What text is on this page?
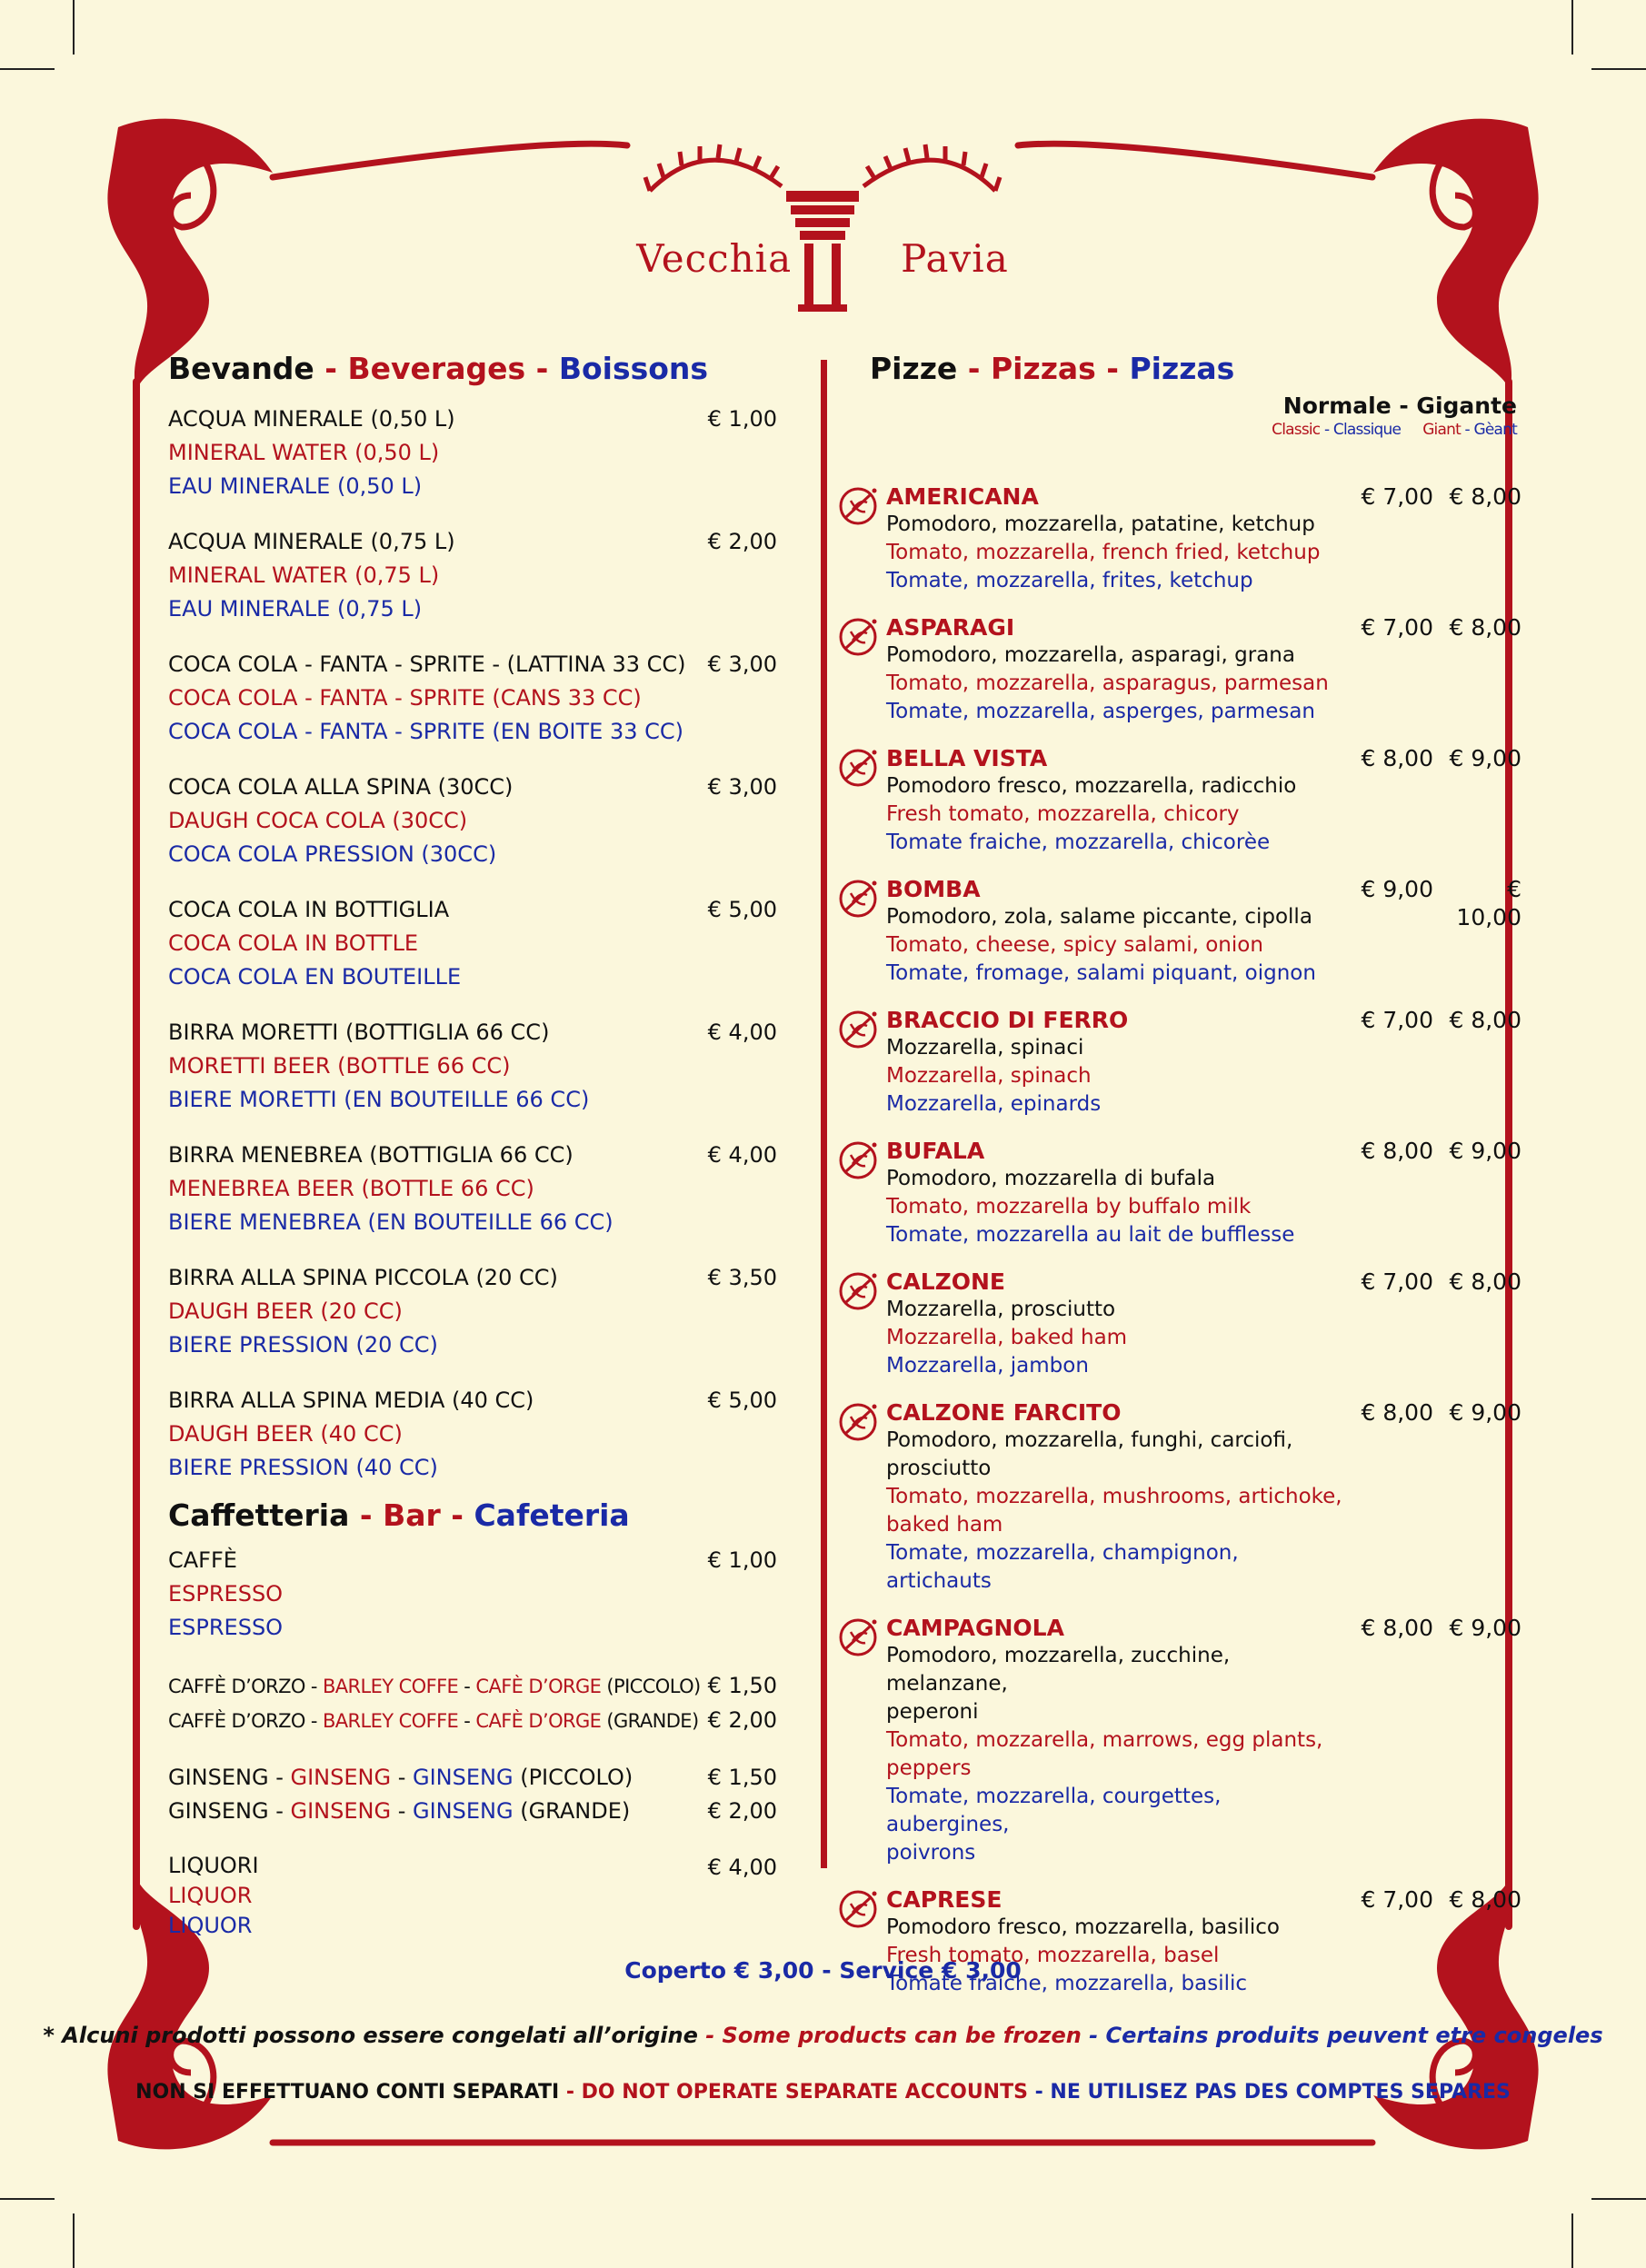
Vecchia	Pavia
Bevande - Beverages - Boissons
ACQUA MINERALE (0,50 L)
MINERAL WATER (0,50 L)
EAU MINERALE (0,50 L)
€ 1,00
ACQUA MINERALE (0,75 L)
MINERAL WATER (0,75 L)
EAU MINERALE (0,75 L)
€ 2,00
COCA COLA - FANTA - SPRITE - (LATTINA 33 CC)
COCA COLA - FANTA - SPRITE (CANS 33 CC)
COCA COLA - FANTA - SPRITE (EN BOITE 33 CC)
€ 3,00
COCA COLA ALLA SPINA (30CC)
DAUGH COCA COLA (30CC)
COCA COLA PRESSION (30CC)
€ 3,00
COCA COLA IN BOTTIGLIA
COCA COLA IN BOTTLE
COCA COLA EN BOUTEILLE
€ 5,00
BIRRA MORETTI (BOTTIGLIA 66 CC)
MORETTI BEER (BOTTLE 66 CC)
BIERE MORETTI (EN BOUTEILLE 66 CC)
€ 4,00
BIRRA MENEBREA (BOTTIGLIA 66 CC)
MENEBREA BEER (BOTTLE 66 CC)
BIERE MENEBREA (EN BOUTEILLE 66 CC)
€ 4,00
BIRRA ALLA SPINA PICCOLA (20 CC)
DAUGH BEER (20 CC)
BIERE PRESSION (20 CC)
€ 3,50
BIRRA ALLA SPINA MEDIA (40 CC)
DAUGH BEER (40 CC)
BIERE PRESSION (40 CC)
€ 5,00
Caffetteria - Bar - Cafeteria
CAFFÈ
ESPRESSO
ESPRESSO
€ 1,00
CAFFÈ D’ORZO - BARLEY COFFE - CAFÈ D’ORGE (PICCOLO) € 1,50
CAFFÈ D’ORZO - BARLEY COFFE - CAFÈ D’ORGE (GRANDE) € 2,00
GINSENG - GINSENG - GINSENG (PICCOLO)	€ 1,50
GINSENG - GINSENG - GINSENG (GRANDE)	€ 2,00
LIQUORI
LIQUOR
LIQUOR
€ 4,00
Pizze - Pizzas - Pizzas
Normale - Gigante
Classic - Classique Giant - Gèant
AMERICANA
Pomodoro, mozzarella, patatine, ketchup
Tomato, mozzarella, french fried, ketchup
Tomate, mozzarella, frites, ketchup
€ 7,00 € 8,00
ASPARAGI
Pomodoro, mozzarella, asparagi, grana
Tomato, mozzarella, asparagus, parmesan
Tomate, mozzarella, asperges, parmesan
€ 7,00 € 8,00
BELLA VISTA
Pomodoro fresco, mozzarella, radicchio
Fresh tomato, mozzarella, chicory
Tomate fraiche, mozzarella, chicorèe
€ 8,00 € 9,00
BOMBA
Pomodoro, zola, salame piccante, cipolla
Tomato, cheese, spicy salami, onion
Tomate, fromage, salami piquant, oignon
€ 9,00	€ 10,00
BRACCIO DI FERRO
Mozzarella, spinaci
Mozzarella, spinach
Mozzarella, epinards
€ 7,00 € 8,00
BUFALA
Pomodoro, mozzarella di bufala
Tomato, mozzarella by buffalo milk
Tomate, mozzarella au lait de bufflesse
€ 8,00 € 9,00
CALZONE
Mozzarella, prosciutto
Mozzarella, baked ham
Mozzarella, jambon
€ 7,00 € 8,00
CALZONE FARCITO
Pomodoro, mozzarella, funghi, carciofi,
prosciutto
Tomato, mozzarella, mushrooms, artichoke,
baked ham
Tomate, mozzarella, champignon, artichauts
€ 8,00 € 9,00
CAMPAGNOLA
Pomodoro, mozzarella, zucchine, melanzane,
peperoni
Tomato, mozzarella, marrows, egg plants,
peppers
Tomate, mozzarella, courgettes, aubergines,
poivrons
€ 8,00 € 9,00
CAPRESE
Pomodoro fresco, mozzarella, basilico
Fresh tomato, mozzarella, basel
Tomate fraiche, mozzarella, basilic
€ 7,00 € 8,00
Coperto € 3,00 - Service € 3,00
* Alcuni prodotti possono essere congelati all’origine - Some products can be frozen - Certains produits peuvent etre congeles
NON SI EFFETTUANO CONTI SEPARATI - DO NOT OPERATE SEPARATE ACCOUNTS - NE UTILISEZ PAS DES COMPTES SEPARES
